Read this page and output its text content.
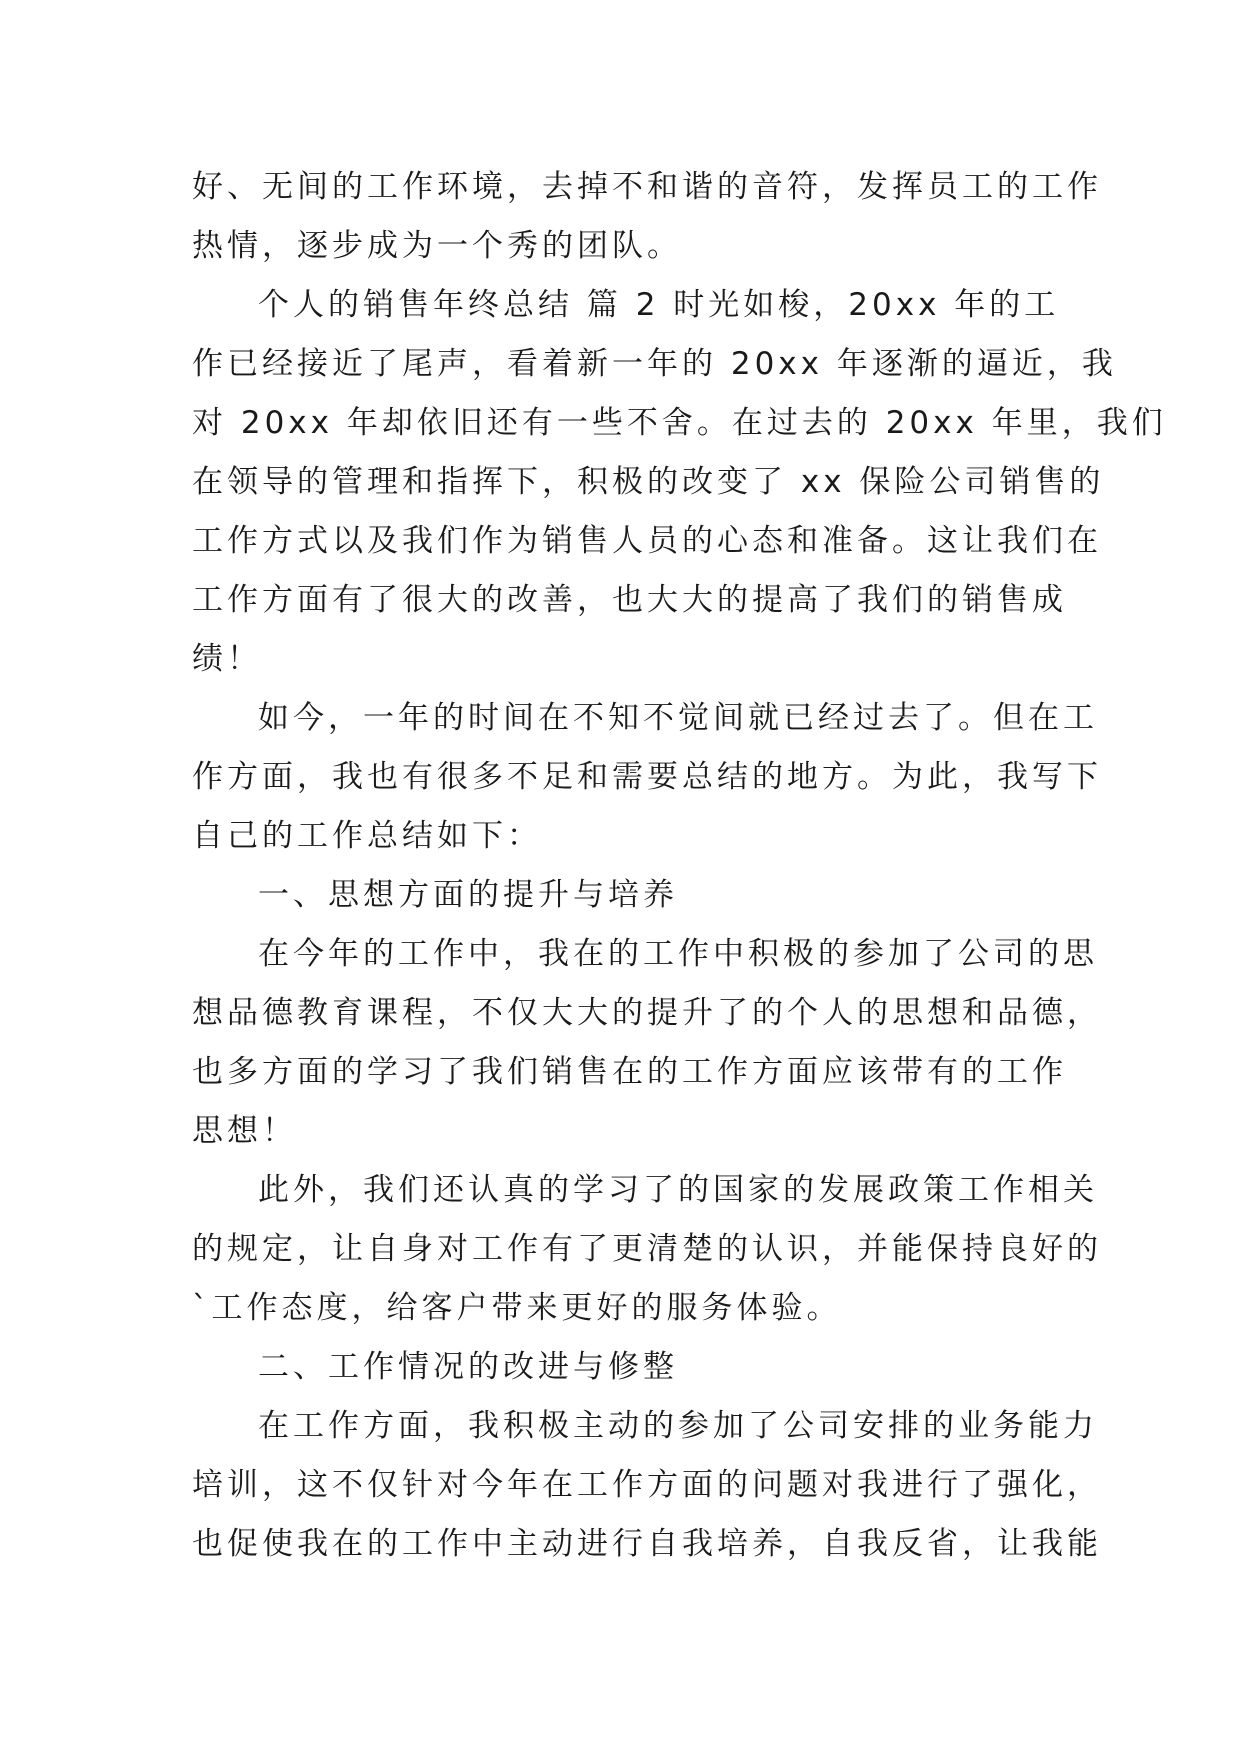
好、无间的工作环境，去掉不和谐的音符，发挥员工的工作
热情，逐步成为一个秀的团队。
个人的销售年终总结 篇 2 时光如梭，20xx 年的工
作已经接近了尾声，看着新一年的 20xx 年逐渐的逼近，我
对 20xx 年却依旧还有一些不舍。在过去的 20xx 年里，我们
在领导的管理和指挥下，积极的改变了 xx 保险公司销售的
工作方式以及我们作为销售人员的心态和准备。这让我们在
工作方面有了很大的改善，也大大的提高了我们的销售成
绩！
如今，一年的时间在不知不觉间就已经过去了。但在工
作方面，我也有很多不足和需要总结的地方。为此，我写下
自己的工作总结如下：
一、思想方面的提升与培养
在今年的工作中，我在的工作中积极的参加了公司的思
想品德教育课程，不仅大大的提升了的个人的思想和品德，
也多方面的学习了我们销售在的工作方面应该带有的工作
思想！
此外，我们还认真的学习了的国家的发展政策工作相关
的规定，让自身对工作有了更清楚的认识，并能保持良好的
`工作态度，给客户带来更好的服务体验。
二、工作情况的改进与修整
在工作方面，我积极主动的参加了公司安排的业务能力
培训，这不仅针对今年在工作方面的问题对我进行了强化，
也促使我在的工作中主动进行自我培养，自我反省，让我能
